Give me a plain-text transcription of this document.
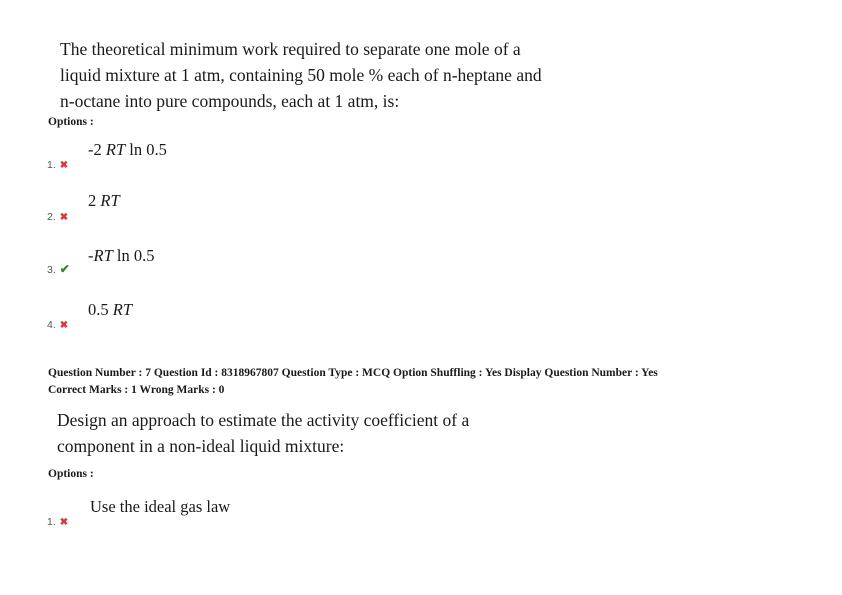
The theoretical minimum work required to separate one mole of a
liquid mixture at 1 atm, containing 50 mole % each of n-heptane and
n-octane into pure compounds, each at 1 atm, is:
Options :
-2 RT ln 0.5
1. ✖
2 RT
2. ✖
-RT ln 0.5
3. ✔
0.5 RT
4. ✖
Question Number : 7 Question Id : 8318967807 Question Type : MCQ Option Shuffling : Yes Display Question Number : Yes
Correct Marks : 1 Wrong Marks : 0
Design an approach to estimate the activity coefficient of a
component in a non-ideal liquid mixture:
Options :
Use the ideal gas law
1. ✖
